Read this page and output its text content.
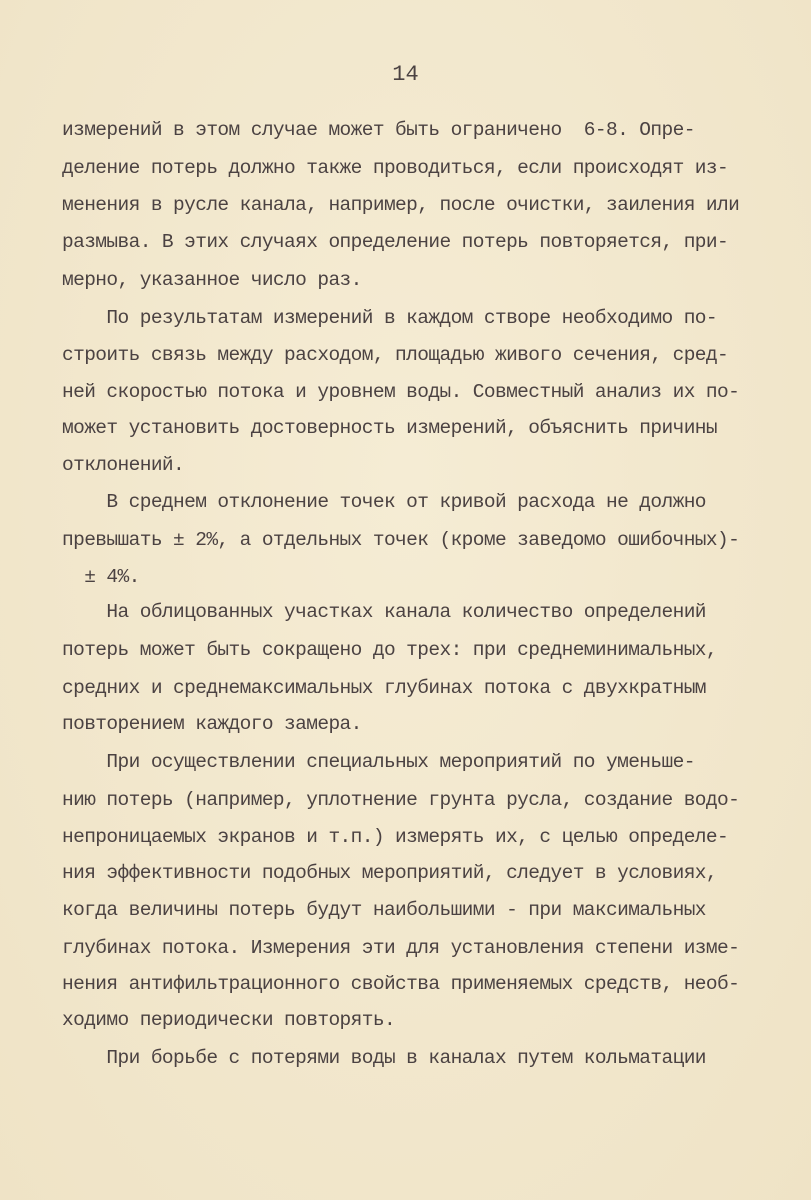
14
измерений в этом случае может быть ограничено  6-8. Опре-
деление потерь должно также проводиться, если происходят из-
менения в русле канала, например, после очистки, заиления или
размыва. В этих случаях определение потерь повторяется, при-
мерно, указанное число раз.
По результатам измерений в каждом створе необходимо по-
строить связь между расходом, площадью живого сечения, сред-
ней скоростью потока и уровнем воды. Совместный анализ их по-
может установить достоверность измерений, объяснить причины
отклонений.
В среднем отклонение точек от кривой расхода не должно
превышать ± 2%, а отдельных точек (кроме заведомо ошибочных)-
± 4%.
На облицованных участках канала количество определений
потерь может быть сокращено до трех: при среднеминимальных,
средних и среднемаксимальных глубинах потока с двухкратным
повторением каждого замера.
При осуществлении специальных мероприятий по уменьше-
нию потерь (например, уплотнение грунта русла, создание водо-
непроницаемых экранов и т.п.) измерять их, с целью определе-
ния эффективности подобных мероприятий, следует в условиях,
когда величины потерь будут наибольшими - при максимальных
глубинах потока. Измерения эти для установления степени изме-
нения антифильтрационного свойства применяемых средств, необ-
ходимо периодически повторять.
При борьбе с потерями воды в каналах путем кольматации
